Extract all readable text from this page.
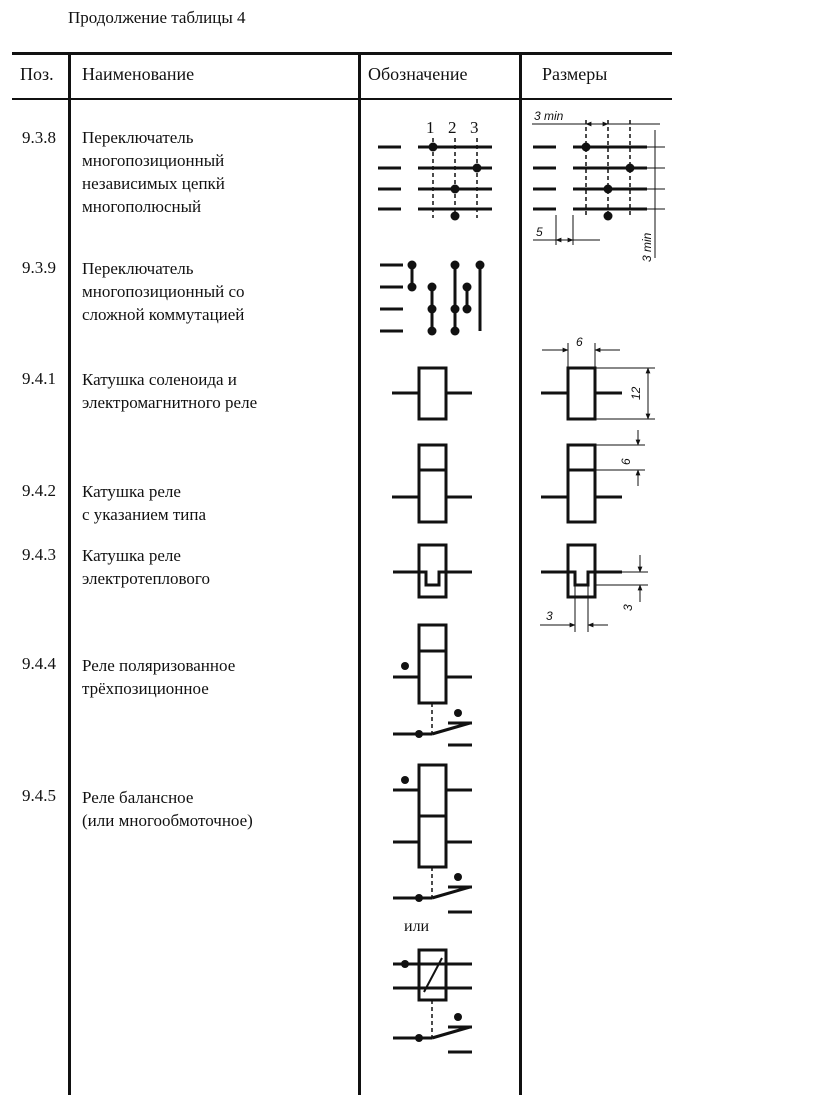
Продолжение таблицы 4
Поз. Наименование	Обозначение	Размеры
9.3.8 Переключатель
многопозиционный
независимых цепкй
многополюсный
9.3.9 Переключатель
многопозиционный со
сложной коммутацией
9.4.1 Катушка соленоида и
электромагнитного реле
9.4.2 Катушка реле
с указанием типа
9.4.3 Катушка реле
электротеплового
9.4.4 Реле поляризованное
трёхпозиционное
9.4.5 Реле балансное
(или многообмоточное)
или
1 2 3
3 min
5
3 min
6
12
6
3
3
